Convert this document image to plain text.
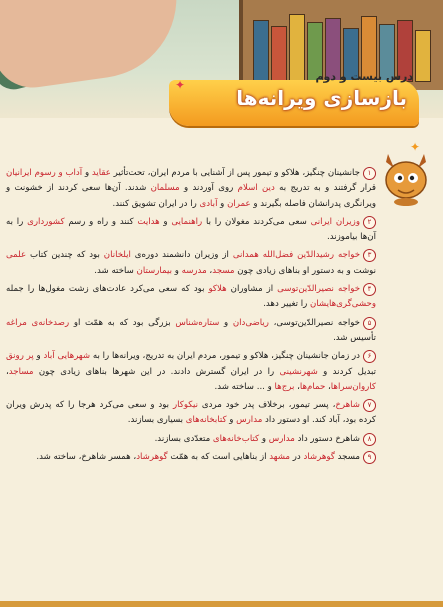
✦
✦
درس بیست و دوم
بازسازی ویرانه‌ها
۱جانشینان چنگیز، هلاکو و تیمور پس از آشنایی با مردم ایران، تحت‌تأثیر عقاید و آداب و رسوم ایرانیان قرار گرفتند و به تدریج به دین اسلام روی آوردند و مسلمان شدند. آن‌ها سعی کردند از خشونت و ویرانگری پدرانشان فاصله بگیرند و عمران و آبادی را در ایران تشویق کنند.
۲وزیران ایرانی سعی می‌کردند مغولان را با راهنمایی و هدایت کنند و راه و رسم کشورداری را به آن‌ها بیاموزند.
۳خواجه رشیدالدّین فضل‌الله همدانی از وزیران دانشمند دوره‌ی ایلخانان بود که چندین کتاب علمی نوشت و به دستور او بناهای زیادی چون مسجد، مدرسه و بیمارستان ساخته شد.
۴خواجه نصیرالدّین‌توسی از مشاوران هلاکو بود که سعی می‌کرد عادت‌های زشت مغول‌ها را جمله وحشی‌گری‌هایشان را تغییر دهد.
۵خواجه نصیرالدّین‌توسی، ریاضی‌دان و ستاره‌شناس بزرگی بود که به همّت او رصدخانه‌ی مراغه تأسیس شد.
۶در زمان جانشینان چنگیز، هلاکو و تیمور، مردم ایران به تدریج، ویرانه‌ها را به شهرهایی آباد و پر رونق تبدیل کردند و شهرنشینی را در ایران گسترش دادند. در این شهرها بناهای زیادی چون مساجد، کاروان‌سراها، حمام‌ها، برج‌ها و ... ساخته شد.
۷شاهرخ، پسر تیمور، برخلاف پدر خود مردی نیکوکار بود و سعی می‌کرد هرجا را که پدرش ویران کرده بود، آباد کند. او دستور داد مدارس و کتابخانه‌های بسیاری بسازند.
۸شاهرخ دستور داد مدارس و کتاب‌خانه‌های متعدّدی بسازند.
۹مسجد گوهرشاد در مشهد از بناهایی است که به همّت گوهرشاد، همسر شاهرخ، ساخته شد.
